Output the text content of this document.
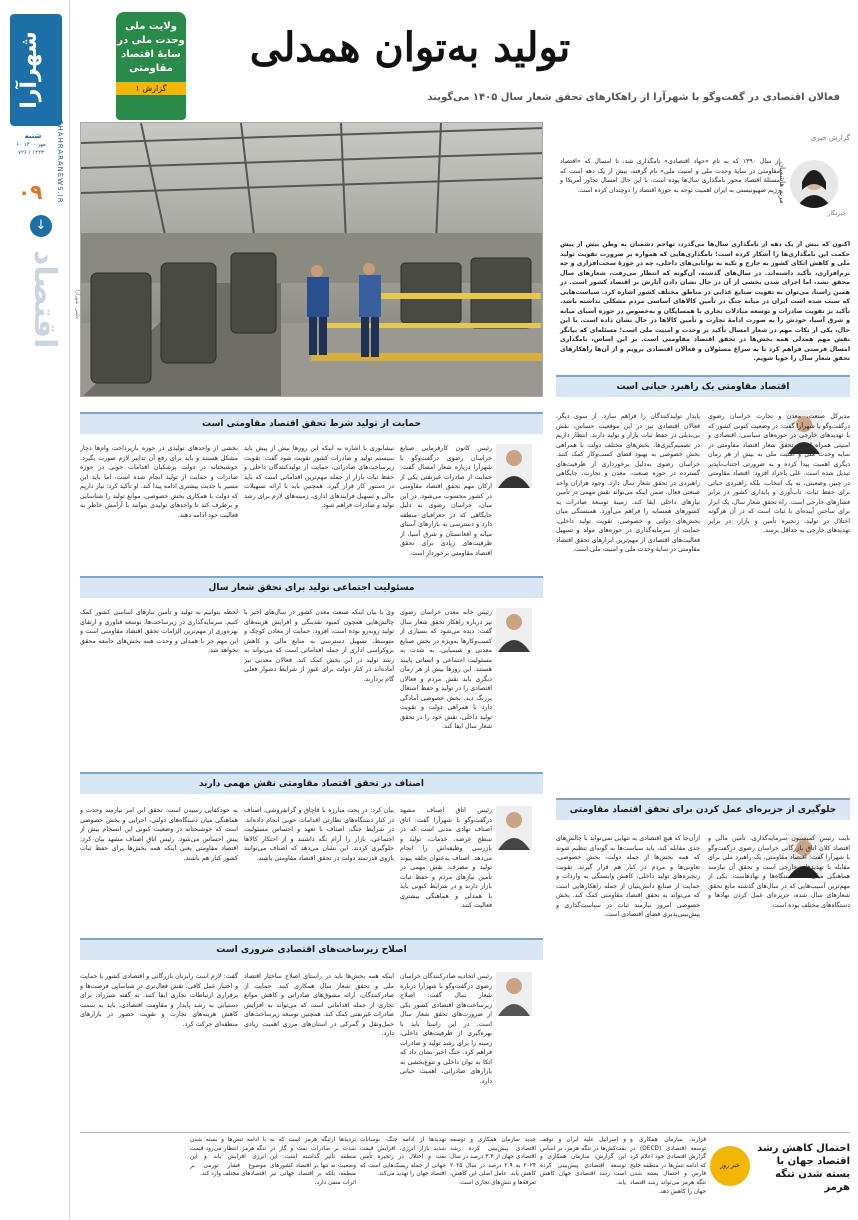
شهرآرا
شنبه
۶۰ مهر ۱۴۰۰
۷۲۶ / ۱۴۴۳	SHAHRARANEWS.IR
۰۹
↓
اقتصاد
ولایت ملی وحدت ملی در سایهٔ اقتصاد مقاومتی
گزارش ۱
تولید به‌توان همدلی
فعالان اقتصادی در گفت‌وگو با شهرآرا از راهکارهای تحقق شعار سال ۱۴۰۵ می‌گویند
عکس: شهرآرا
گزارش خبری
مریم هاشمیان
خبرنگار
از سال ۱۳۹۰ که به نام «جهاد اقتصادی» نامگذاری شد، تا امسال که «اقتصاد مقاومتی در سایهٔ وحدت ملی و امنیت ملی» نام گرفته، بیش از یک دهه است که مسئلهٔ اقتصاد محور نامگذاری سال‌ها بوده است. با این حال امسال تجاوز آمریکا و رژیم صهیونیستی به ایران اهمیت تو‌جه به حوزهٔ اقتصاد را دوچندان کرده است.
اکنون که بیش از یک دهه از نامگذاری سال‌ها می‌گذرد، تهاجم دشمنان به وطن بیش از پیش حکمت این نامگذاری‌ها را آشکار کرده است؛ نامگذاری‌هایی که همواره بر ضرورت تقویت تولید ملی و کاهش اتکای کشور به خارج و تکیه به توانایی‌های داخلی، چه در حوزهٔ سخت‌افزاری و چه نرم‌افزاری، تأکید داشته‌اند. در سال‌های گذشته، آن‌گونه که انتظار می‌رفت، شعارهای سال محقق نشد، اما اجرای شدن بخشی از آن در حال نشان دادن آثارش بر اقتصاد کشور است. در همین راستا، می‌توان به تقویت صنایع غذایی در مناطق مختلف کشور اشاره کرد. سیاست‌هایی که سبب شده است ایران در میانه جنگ در تأمین کالاهای اساسی مردم مشکلی نداشته باشد. تأکید بر تقویت صادرات و توسعه مبادلات تجاری با همسایگان و به‌خصوص در حوزه آسیای میانه و شرق آسیا، خودش را به صورت ادامهٔ تجارت و تأمین کالاها در حال نشان داده است. با این حال، یکی از نکات مهم در شعار امسال تأکید بر وحدت و امنیت ملی است؛ مسئله‌ای که بیانگر نقش مهم همدلی همه بخش‌ها در تحقق اقتصاد مقاومتی است. بر این اساس، نامگذاری امسال فرصتی فراهم کرد تا به سراغ مسئولان و فعالان اقتصادی برویم و از آن‌ها راهکارهای تحقق شعار سال را جویا شویم.
اقتصاد مقاومتی یک راهبرد حیاتی است
مدیرکل صنعت، معدن و تجارت خراسان رضوی درگفت‌وگو با شهرآرا گفت: در وضعیت کنونی کشور که با تهدیدهای خارجی در حوزه‌های سیاسی، اقتصادی و امنیتی همراه است، تحقق شعار اقتصاد مقاومتی در سایه وحدت ملی و امنیت ملی به بیش از هر زمان دیگری اهمیت پیدا کرده و به ضرورتی اجتناب‌ناپذیر تبدیل شده است. علی باحزاد افزود: اقتصاد مقاومتی در چنین وضعیتی، نه یک انتخاب، بلکه راهبردی حیاتی برای حفظ ثبات، تاب‌آوری و پایداری کشور در برابر فشارهای خارجی است. راه تحقق شعار سال، یک ابزار برای ساختن آینده‌ای با ثبات است که در آن هرگونه اختلال در تولید، زنجیره تأمین و بازار، در برابر تهدیدهای خارجی به حداقل برسد.
پایدار تولیدکنندگان را فراهم سازد. از سوی دیگر، فعالان اقتصادی نیز در این موقعیت حساس، نقش بی‌بدیلی در حفظ ثبات بازار و تولید دارند. انتظار داریم در تصمیم‌گیری‌ها، بخش‌های مختلف دولت با همراهی بخش خصوصی به بهبود فضای کسب‌وکار کمک کنند. خراسان رضوی به‌دلیل برخورداری از ظرفیت‌های گسترده در حوزه صنعت، معدن و تجارت، جایگاهی راهبردی در تحقق شعار سال دارد. وجود هزاران واحد صنعتی فعال، ضمن اینکه می‌تواند نقش مهمی در تأمین نیازهای داخلی ایفا کند، زمینهٔ توسعهٔ صادرات به کشورهای همسایه را فراهم می‌آورد. همبستگی میان بخش‌های دولتی و خصوصی، تقویت تولید داخلی، حمایت از سرمایه‌گذاری در حوزه‌های مولد و تسهیل فعالیت‌های اقتصادی از مهم‌ترین ابزارهای تحقق اقتصاد مقاومتی در سایهٔ وحدت ملی و امنیت ملی است.
حمایت از تولید شرط تحقق اقتصاد مقاومتی است
رئیس کانون کارفرمایی صنایع خراسان رضوی درگفت‌وگو با شهرآرا درباره شعار امسال گفت: حمایت از صادرات غیرنفتی یکی از ارکان مهم تحقق اقتصاد مقاومتی در کشور محسوب می‌شود. در این میان، خراسان رضوی به دلیل جایگاهی که در جغرافیای منطقه دارد و دسترسی به بازارهای آسیای میانه و افغانستان و شرق آسیا، از ظرفیت‌های زیادی برای تحقق اقتصاد مقاومتی برخوردار است.
نیشابوری با اشاره به اینکه این روزها بیش از پیش باید سیستم تولید و صادرات کشور تقویت شود گفت: تقویت زیرساخت‌های صادراتی، حمایت از تولیدکنندگان داخلی و حفظ ثبات بازار از جمله مهم‌ترین اقداماتی است که باید در دستور کار قرار گیرد. همچنین باید با ارائه تسهیلات مالی و تسهیل فرایندهای اداری، زمینه‌های لازم برای رشد تولید و صادرات فراهم شود.
بخشی از واحدهای تولیدی در حوزه بازپرداخت وام‌ها دچار مشکل هستند و باید برای رفع آن تدابیر لازم صورت بگیرد. خوشبختانه در دولت پزشکیان اقدامات خوبی در حوزه صادرات و حمایت از تولید انجام شده است، اما باید این مسیر با جدیت بیشتری ادامه پیدا کند. او تأکید کرد: نیاز داریم که دولت با همکاری بخش خصوصی، موانع تولید را شناسایی و برطرف کند تا واحدهای تولیدی بتوانند با آرامش خاطر به فعالیت خود ادامه دهند.
مسئولیت اجتماعی تولید برای تحقق شعار سال
رئیس خانه معدن خراسان رضوی نیز درباره راهکار تحقق شعار سال گفت: دیده می‌شود که بسیاری از کسب‌وکارها به‌ویژه در بخش صنایع معدنی و شیمیایی، به شدت به مسئولیت اجتماعی و انسانی پایبند هستند. این روزها بیش از هر زمان دیگری باید نقش مردم و فعالان اقتصادی را در تولید و حفظ اشتغال پررنگ دید. بخش خصوصی آمادگی دارد با همراهی دولت و تقویت تولید داخلی، نقش خود را در تحقق شعار سال ایفا کند.
وی با بیان اینکه صنعت معدن کشور در سال‌های اخیر با چالش‌هایی همچون کمبود نقدینگی و افزایش هزینه‌های تولید روبه‌رو بوده است، افزود: حمایت از معادن کوچک و متوسط، تسهیل دسترسی به منابع مالی و کاهش بروکراسی اداری از جمله اقداماتی است که می‌تواند به رشد تولید در این بخش کمک کند. فعالان معدنی نیز آماده‌اند در کنار دولت برای عبور از شرایط دشوار فعلی گام بردارند.
لحظه بتوانیم به تولید و تأمین نیازهای اساسی کشور کمک کنیم. سرمایه‌گذاری در زیرساخت‌ها، توسعه فناوری و ارتقای بهره‌وری از مهم‌ترین الزامات تحقق اقتصاد مقاومتی است و این مهم جز با همدلی و وحدت همه بخش‌های جامعه محقق نخواهد شد.
جلوگیری از جزیره‌ای عمل کردن برای تحقق اقتصاد مقاومتی
نایب رئیس کمیسیون سرمایه‌گذاری، تأمین مالی و اقتصاد کلان اتاق بازرگانی خراسان رضوی درگفت‌وگو با شهرآرا گفت: اقتصاد مقاومتی، یک راهبرد ملی برای مقابله با تهدیدهای خارجی است و تحقق آن نیازمند هماهنگی میان همه دستگاه‌ها و نهادهاست. یکی از مهم‌ترین آسیب‌هایی که در سال‌های گذشته مانع تحقق شعارهای سال شده، جزیره‌ای عمل کردن نهادها و دستگاه‌های مختلف بوده است.
ازآن‌جا که هیچ اقتصادی به تنهایی نمی‌تواند با چالش‌های جدی مقابله کند، باید سیاست‌ها به گونه‌ای تنظیم شوند که همه بخش‌ها از جمله دولت، بخش خصوصی، تعاونی‌ها و مردم در کنار هم قرار گیرند. تقویت زنجیره‌های تولید داخلی، کاهش وابستگی به واردات و حمایت از صنایع دانش‌بنیان از جمله راهکارهایی است که می‌تواند به تحقق اقتصاد مقاومتی کمک کند. بخش خصوصی امروز نیازمند ثبات در سیاست‌گذاری و پیش‌بینی‌پذیری فضای اقتصادی است.
اصناف در تحقق اقتصاد مقاومتی نقش مهمی دارند
رئیس اتاق اصناف مشهد درگفت‌وگو با شهرآرا گفت: اتاق اصناف نهادی مدنی است که در سطح عرضه، خدمات، تولید و بازرسی وظیفه‌اش را انجام می‌دهد. اصناف به‌عنوان حلقه پیوند تولید و مصرف، نقش مهمی در تأمین نیازهای مردم و حفظ ثبات بازار دارند و در شرایط کنونی باید با همدلی و هماهنگی بیشتری فعالیت کنند.
بیان کرد: در بحث مبارزه با قاچاق و گرانفروشی، اصناف در کنار دستگاه‌های نظارتی اقدامات خوبی انجام داده‌اند. در شرایط جنگ، اصناف با تعهد و احساس مسئولیت اجتماعی، بازار را آرام نگه داشتند و از احتکار کالاها جلوگیری کردند. این نشان می‌دهد که اصناف می‌توانند بازوی قدرتمند دولت در تحقق اقتصاد مقاومتی باشند.
به خودکفایی رسیدن است. تحقق این امر نیازمند وحدت و هماهنگی میان دستگاه‌های دولتی، اجرایی و بخش خصوصی است که خوشبختانه در وضعیت کنونی این انسجام بیش از پیش احساس می‌شود. رئیس اتاق اصناف مشهد بیان کرد: اقتصاد مقاومتی یعنی اینکه همه بخش‌ها برای حفظ ثبات کشور کنار هم باشند.
اصلاح زیرساخت‌های اقتصادی ضروری است
رئیس اتحادیه صادرکنندگان خراسان رضوی درگفت‌وگو با شهرآرا درباره شعار سال گفت: اصلاح زیرساخت‌های اقتصادی کشور یکی از ضرورت‌های تحقق شعار سال است. در این راستا باید با بهره‌گیری از ظرفیت‌های داخلی، زمینه را برای رشد تولید و صادرات فراهم کرد. جنگ اخیر نشان داد که اتکا به توان داخلی و تنوع‌بخشی به بازارهای صادراتی، اهمیت حیاتی دارد.
اینکه همه بخش‌ها باید در راستای اصلاح ساختار اقتصاد ملی و تحقق شعار سال همکاری کنند. حمایت از صادرکنندگان، ارائه مشوق‌های صادراتی و کاهش موانع تجاری از جمله اقداماتی است که می‌تواند به افزایش صادرات غیرنفتی کمک کند. همچنین توسعه زیرساخت‌های حمل‌ونقل و گمرکی در استان‌های مرزی اهمیت زیادی دارد.
گفت: لازم است رایزنان بازرگانی و اقتصادی کشور با حمایت و اختیار عمل کافی، نقش فعال‌تری در شناسایی فرصت‌ها و برقراری ارتباطات تجاری ایفا کنند. به گفته شیرزاد، برای دستیابی به رشد پایدار و مقاومت اقتصادی، باید به سمت کاهش هزینه‌های تجارت و تقویت حضور در بازارهای منطقه‌ای حرکت کرد.
خبر روز
احتمال کاهش رشد اقتصاد جهان با بسته شدن تنگه هرمز
قرارند، سازمان همکاری و توسعه اقتصادی (OECD) در گزارش اقتصادی خود اعلام کرد که ادامه تنش‌ها در منطقه خلیج فارس و احتمال بسته شدن تنگه هرمز می‌تواند رشد اقتصاد جهان را کاهش دهد.
و اسرائیل علیه ایران و توقف نفت‌کش‌ها در تنگه هرمز، بر اساس این گزارش، سازمان همکاری و توسعه اقتصادی پیش‌بینی کرده است رشد اقتصادی جهان کاهش یابد.
جدید سازمان همکاری و توسعه اقتصادی پیش‌بینی کرده رشد اقتصادی جهان از ۳.۳ درصد در سال ۲۰۲۴ به ۲.۹ درصد در سال ۲۰۲۵ کاهش یابد. عامل اصلی این کاهش، تعرفه‌ها و تنش‌های تجاری است.
تهدیدها از ادامه جنگ، نوسانات شدید بازار انرژی، افزایش قیمت نفت و اختلال در زنجیره تأمین جهانی از جمله ریسک‌هایی است که اقتصاد جهان را تهدید می‌کند.
تردیدها ازتنگه هرمز است که به شدت بر صادرات نفت و گاز در منطقه تأثیر گذاشته است. این وضعیت نه تنها بر اقتصاد کشورهای منطقه، بلکه بر اقتصاد جهانی نیز اثرات منفی دارد.
با ادامه تنش‌ها و بسته شدن تنگه هرمز، انتظار می‌رود قیمت انرژی افزایش یابد و این موضوع فشار تورمی بر اقتصادهای مختلف وارد کند.
